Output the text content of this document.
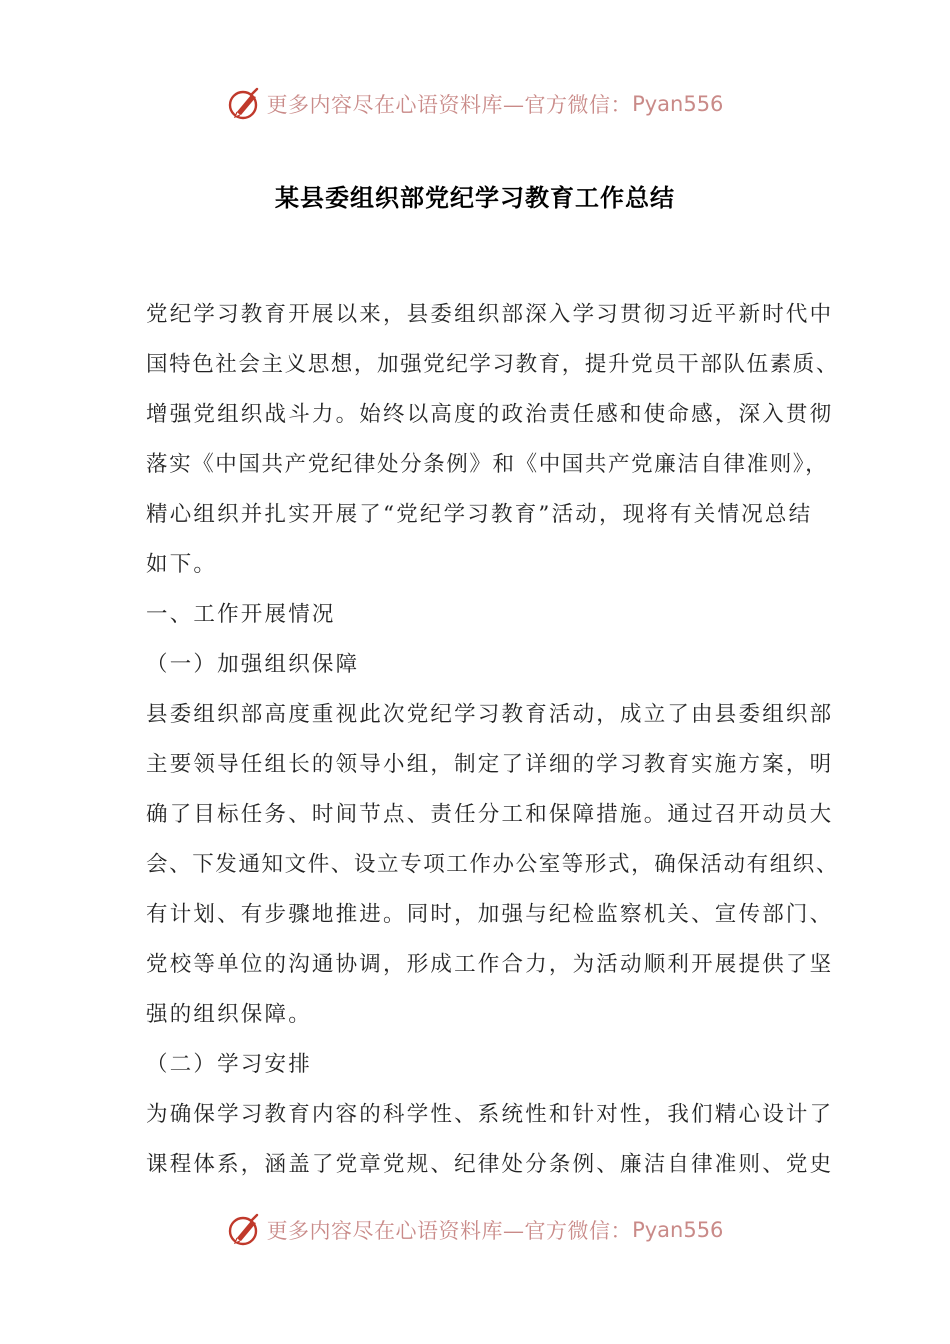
更多内容尽在心语资料库—官方微信： Pyan556
某县委组织部党纪学习教育工作总结
党纪学习教育开展以来，县委组织部深入学习贯彻习近平新时代中
国特色社会主义思想，加强党纪学习教育，提升党员干部队伍素质、
增强党组织战斗力。始终以高度的政治责任感和使命感，深入贯彻
落实《中国共产党纪律处分条例》和《中国共产党廉洁自律准则》，
精心组织并扎实开展了“党纪学习教育”活动，现将有关情况总结
如下。
一、工作开展情况
（一）加强组织保障
县委组织部高度重视此次党纪学习教育活动，成立了由县委组织部
主要领导任组长的领导小组，制定了详细的学习教育实施方案，明
确了目标任务、时间节点、责任分工和保障措施。通过召开动员大
会、下发通知文件、设立专项工作办公室等形式，确保活动有组织、
有计划、有步骤地推进。同时，加强与纪检监察机关、宣传部门、
党校等单位的沟通协调，形成工作合力，为活动顺利开展提供了坚
强的组织保障。
（二）学习安排
为确保学习教育内容的科学性、系统性和针对性，我们精心设计了
课程体系，涵盖了党章党规、纪律处分条例、廉洁自律准则、党史
更多内容尽在心语资料库—官方微信： Pyan556
